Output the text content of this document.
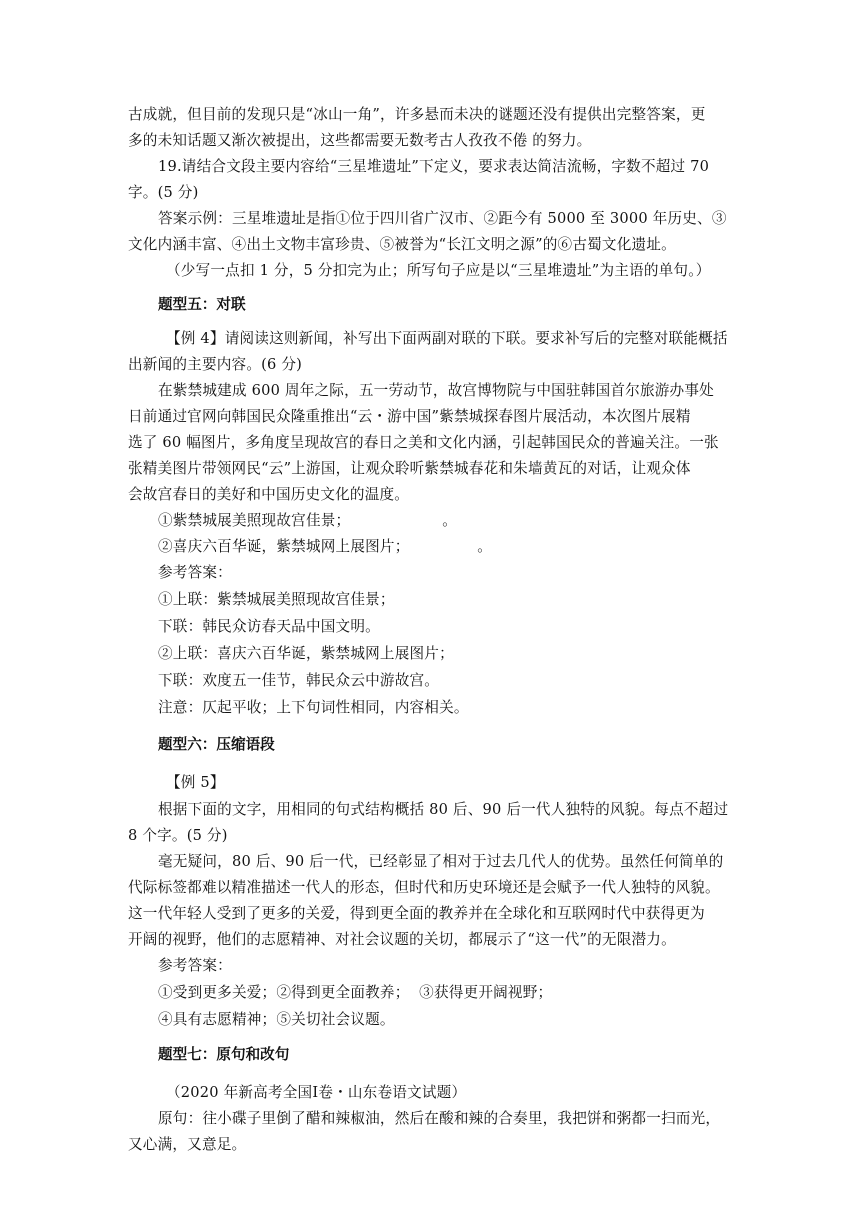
古成就，但目前的发现只是“冰山一角”，许多悬而未决的谜题还没有提供出完整答案，更
多的未知话题又渐次被提出，这些都需要无数考古人孜孜不倦 的努力。
19.请结合文段主要内容给“三星堆遗址”下定义，要求表达简洁流畅，字数不超过 70
字。(5 分)
答案示例：三星堆遗址是指①位于四川省广汉市、②距今有 5000 至 3000 年历史、③
文化内涵丰富、④出土文物丰富珍贵、⑤被誉为“长江文明之源”的⑥古蜀文化遗址。
（少写一点扣 1 分，5 分扣完为止；所写句子应是以“三星堆遗址”为主语的单句。）
题型五：对联
【例 4】请阅读这则新闻，补写出下面两副对联的下联。要求补写后的完整对联能概括
出新闻的主要内容。(6 分)
在紫禁城建成 600 周年之际，五一劳动节，故宫博物院与中国驻韩国首尔旅游办事处
日前通过官网向韩国民众隆重推出“云・游中国”紫禁城探春图片展活动，本次图片展精
选了 60 幅图片，多角度呈现故宫的春日之美和文化内涵，引起韩国民众的普遍关注。一张
张精美图片带领网民“云”上游国，让观众聆听紫禁城春花和朱墙黄瓦的对话，让观众体
会故宫春日的美好和中国历史文化的温度。
①紫禁城展美照现故宫佳景；                   。
②喜庆六百华诞，紫禁城网上展图片；              。
参考答案：
①上联：紫禁城展美照现故宫佳景；
下联：韩民众访春天品中国文明。
②上联：喜庆六百华诞，紫禁城网上展图片；
下联：欢度五一佳节，韩民众云中游故宫。
注意：仄起平收；上下句词性相同，内容相关。
题型六：压缩语段
【例 5】
根据下面的文字，用相同的句式结构概括 80 后、90 后一代人独特的风貌。每点不超过
8 个字。(5 分)
毫无疑问，80 后、90 后一代，已经彰显了相对于过去几代人的优势。虽然任何简单的
代际标签都难以精准描述一代人的形态，但时代和历史环境还是会赋予一代人独特的风貌。
这一代年轻人受到了更多的关爱，得到更全面的教养并在全球化和互联网时代中获得更为
开阔的视野，他们的志愿精神、对社会议题的关切，都展示了“这一代”的无限潜力。
参考答案：
①受到更多关爱；②得到更全面教养；  ③获得更开阔视野；
④具有志愿精神；⑤关切社会议题。
题型七：原句和改句
（2020 年新高考全国Ⅰ卷・山东卷语文试题）
原句：往小碟子里倒了醋和辣椒油，然后在酸和辣的合奏里，我把饼和粥都一扫而光，
又心满，又意足。
